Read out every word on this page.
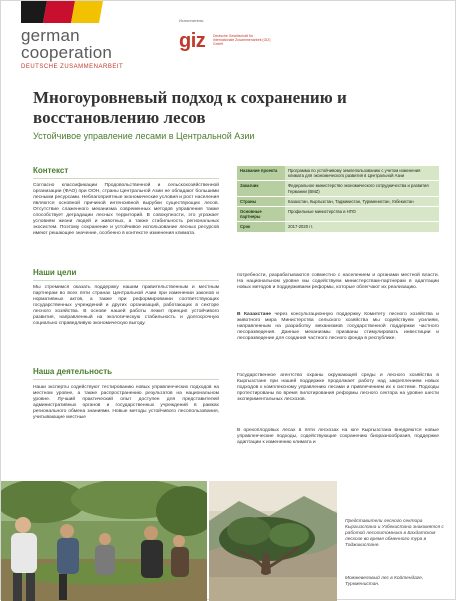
german
cooperation
DEUTSCHE ZUSAMMENARBEIT
Исполнитель:
giz Deutsche Gesellschaft für Internationale Zusammenarbeit (GIZ) GmbH
Многоуровневый подход к сохранению и восстановлению лесов
Устойчивое управление лесами в Центральной Азии
Название проекта	Программа по устойчивому землепользованию с учетом изменения климата для экономического развития в Центральной Азии
Заказчик	Федеральное министерство экономического сотрудничества и развития Германии (BMZ)
Страны	Казахстан, Кыргызстан, Таджикистан, Туркменистан, Узбекистан
Основные партнеры	Профильные министерства и НПО
Срок	2017-2020 гг.
Контекст
Согласно классификации Продовольственной и сельскохозяйственной организации (ФАО) при ООН, страны Центральной Азии не обладают большими лесными ресурсами. Неблагоприятные экономические условия и рост населения являются основной причиной интенсивной вырубки существующих лесов. Отсутствие слаженного механизма современных методов управления также способствует деградации лесных территорий. В совокупности, это угрожает условиям жизни людей и животных, а также стабильность региональных экосистем. Поэтому сохранение и устойчивое использование лесных ресурсов имеют решающее значение, особенно в контексте изменения климата.
Наши цели
Мы стремимся оказать поддержку нашим правительственным и местным партнерам во всех пяти странах Центральной Азии при изменении законов и нормативных актов, а также при реформировании соответствующих государственных учреждений и других организаций, работающих в секторе лесного хозяйства. В основе нашей работы лежит принцип устойчивого развития, направленный на экологическую стабильность и долгосрочную социально справедливую экономическую выгоду.
Наша деятельность
Наши эксперты содействуют тестированию новых управленческих подходов на местном уровне, а также распространению результатов на национальном уровне. Лучший практический опыт доступен для представителей административных органов и государственных учреждений в рамках регионального обмена знаниями. Новые методы устойчивого лесопользования, учитывающие местные
потребности, разрабатываются совместно с населением и органами местной власти. На национальном уровне мы содействуем министерствам-партнерам в адаптации новых методов и поддерживаем реформы, которые облегчают их реализацию.
В Казахстане через консультационную поддержку Комитету лесного хозяйства и животного мира Министерства сельского хозяйства мы содействуем усилиям, направленным на разработку механизмов государственной поддержки частного лесоразведения. Данные механизмы призваны стимулировать инвестиции и лесоразведение для создания частного лесного фонда в республике.
Государственное агентство охраны окружающей среды и лесного хозяйства в Кыргызстане при нашей поддержке продолжает работу над закреплением новых подходов к комплексному управлению лесами и привлечением их к системе. Подходы протестированы во время пилотирования реформы лесного сектора на уровне шести экспериментальных лесхозов.
В орехоплодовых лесах в пяти лесхозах на юге Кыргызстана внедряются новые управленческие подходы, содействующие сохранению биоразнообразия, поддержке адаптации к изменению климата и
Представители лесного сектора Кыргызстана и Узбекистана знакомятся с работой лесопитомника в Бахдатском лесхозе во время обменного тура в Таджикистане.
Можжевеловый лес в Койтендаге, Туркменистан.
